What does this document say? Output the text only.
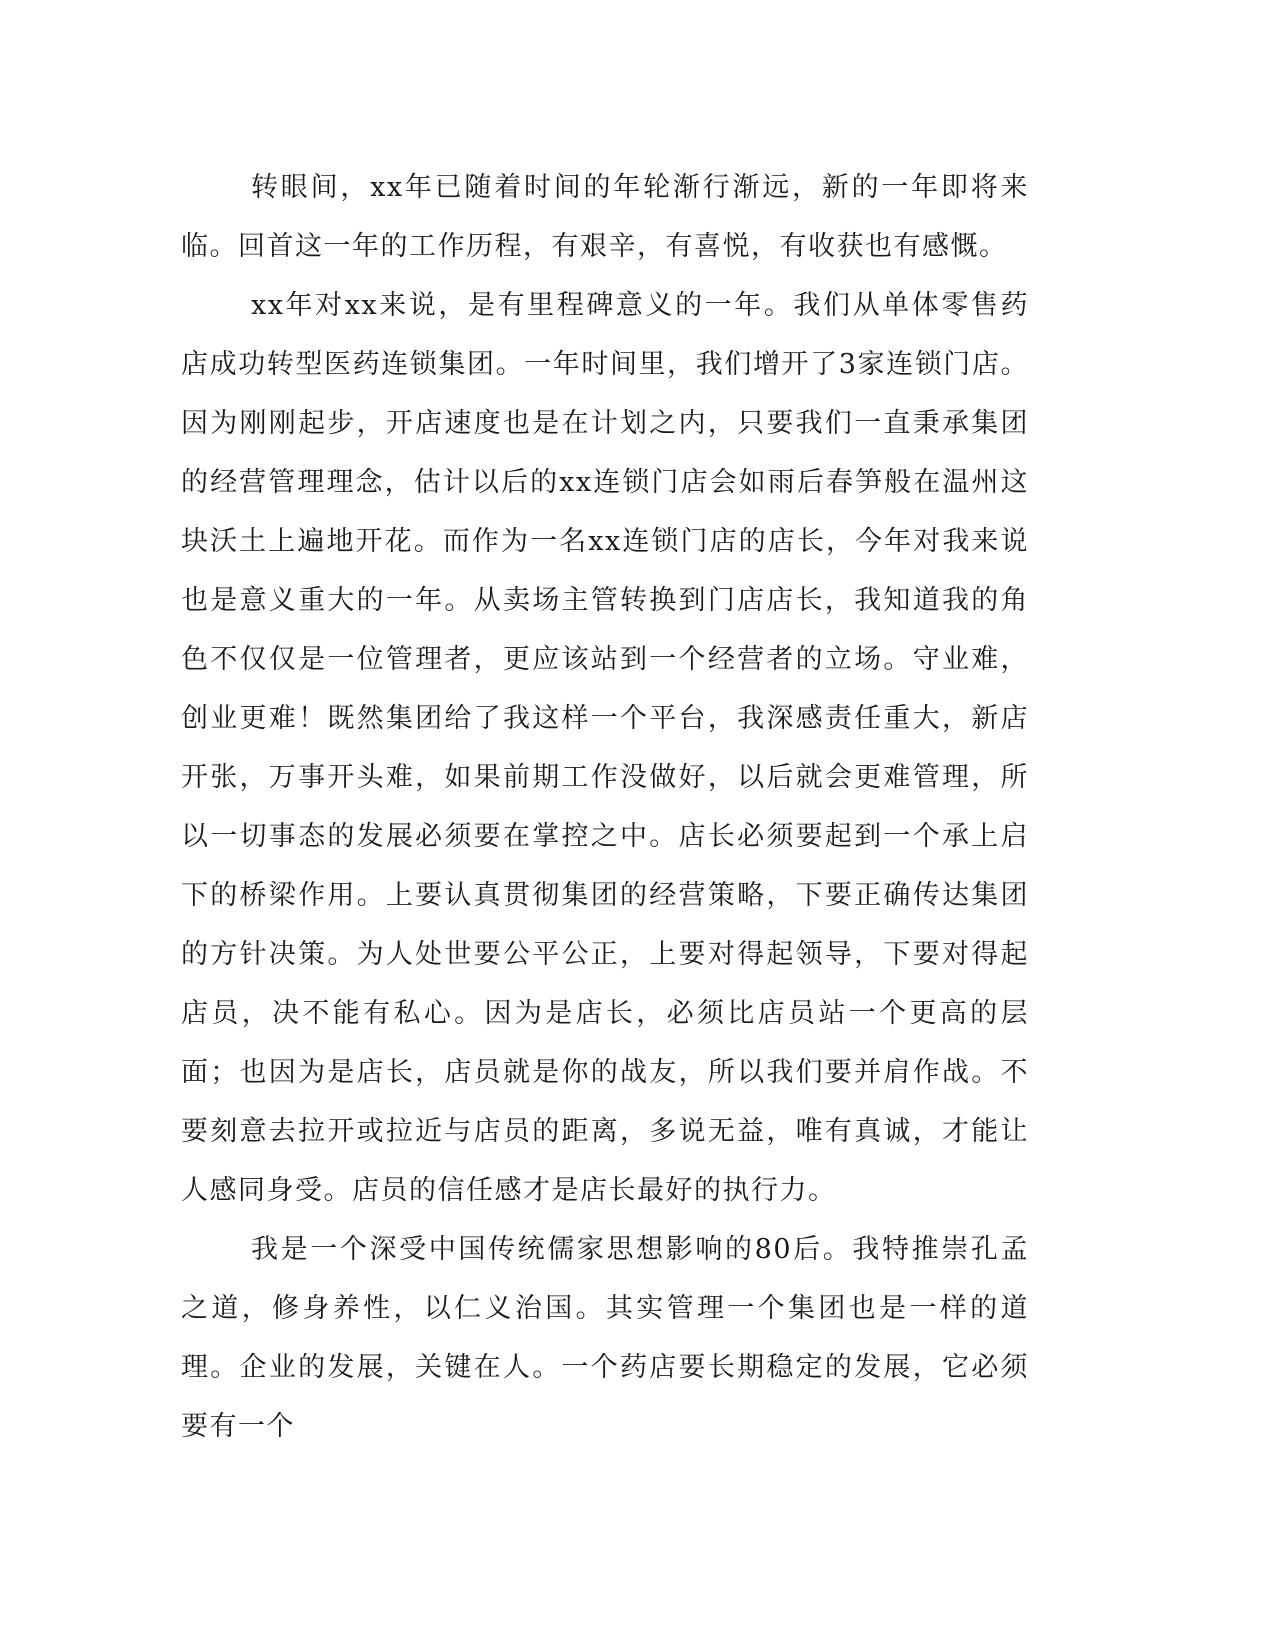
转眼间，xx年已随着时间的年轮渐行渐远，新的一年即将来临。回首这一年的工作历程，有艰辛，有喜悦，有收获也有感慨。

xx年对xx来说，是有里程碑意义的一年。我们从单体零售药店成功转型医药连锁集团。一年时间里，我们增开了3家连锁门店。因为刚刚起步，开店速度也是在计划之内，只要我们一直秉承集团的经营管理理念，估计以后的xx连锁门店会如雨后春笋般在温州这块沃土上遍地开花。而作为一名xx连锁门店的店长，今年对我来说也是意义重大的一年。从卖场主管转换到门店店长，我知道我的角色不仅仅是一位管理者，更应该站到一个经营者的立场。守业难，创业更难！既然集团给了我这样一个平台，我深感责任重大，新店开张，万事开头难，如果前期工作没做好，以后就会更难管理，所以一切事态的发展必须要在掌控之中。店长必须要起到一个承上启下的桥梁作用。上要认真贯彻集团的经营策略，下要正确传达集团的方针决策。为人处世要公平公正，上要对得起领导，下要对得起店员，决不能有私心。因为是店长，必须比店员站一个更高的层面；也因为是店长，店员就是你的战友，所以我们要并肩作战。不要刻意去拉开或拉近与店员的距离，多说无益，唯有真诚，才能让人感同身受。店员的信任感才是店长最好的执行力。

我是一个深受中国传统儒家思想影响的80后。我特推崇孔孟之道，修身养性，以仁义治国。其实管理一个集团也是一样的道理。企业的发展，关键在人。一个药店要长期稳定的发展，它必须要有一个
